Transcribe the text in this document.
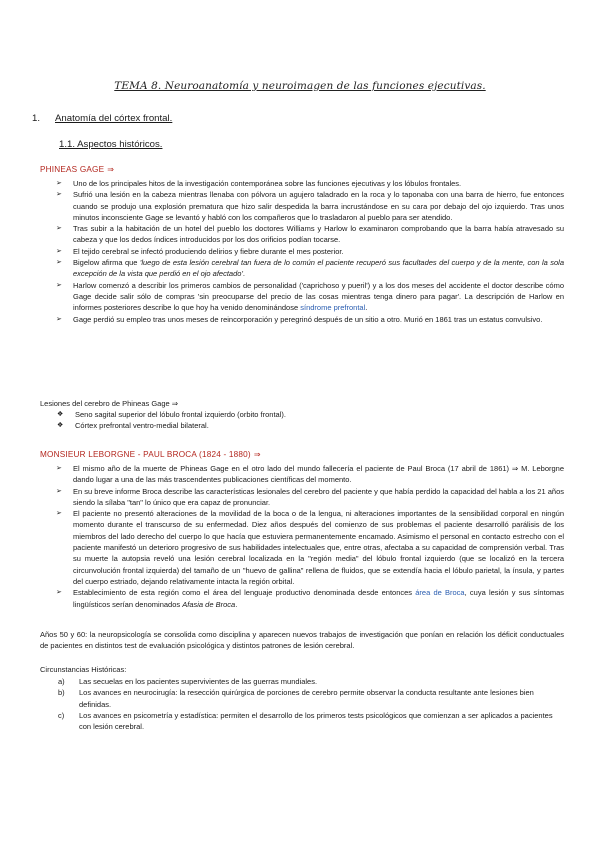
TEMA 8. Neuroanatomía y neuroimagen de las funciones ejecutivas.
1. Anatomía del córtex frontal.
1.1. Aspectos históricos.
PHINEAS GAGE ⇒
➢ Uno de los principales hitos de la investigación contemporánea sobre las funciones ejecutivas y los lóbulos frontales.
➢ Sufrió una lesión en la cabeza mientras llenaba con pólvora un agujero taladrado en la roca y lo taponaba con una barra de hierro, fue entonces cuando se produjo una explosión prematura que hizo salir despedida la barra incrustándose en su cara por debajo del ojo izquierdo. Tras unos minutos inconsciente Gage se levantó y habló con los compañeros que lo trasladaron al pueblo para ser atendido.
➢ Tras subir a la habitación de un hotel del pueblo los doctores Williams y Harlow lo examinaron comprobando que la barra había atravesado su cabeza y que los dedos índices introducidos por los dos orificios podían tocarse.
➢ El tejido cerebral se infectó produciendo delirios y fiebre durante el mes posterior.
➢ Bigelow afirma que 'luego de esta lesión cerebral tan fuera de lo común el paciente recuperó sus facultades del cuerpo y de la mente, con la sola excepción de la vista que perdió en el ojo afectado'.
➢ Harlow comenzó a describir los primeros cambios de personalidad ('caprichoso y pueril') y a los dos meses del accidente el doctor describe cómo Gage decide salir sólo de compras 'sin preocuparse del precio de las cosas mientras tenga dinero para pagar'. La descripción de Harlow en informes posteriores describe lo que hoy ha venido denominándose síndrome prefrontal.
➢ Gage perdió su empleo tras unos meses de reincorporación y peregrinó después de un sitio a otro. Murió en 1861 tras un estatus convulsivo.
Lesiones del cerebro de Phineas Gage ⇒
❖ Seno sagital superior del lóbulo frontal izquierdo (orbito frontal).
❖ Córtex prefrontal ventro-medial bilateral.
MONSIEUR LEBORGNE - PAUL BROCA (1824 - 1880) ⇒
➢ El mismo año de la muerte de Phineas Gage en el otro lado del mundo fallecería el paciente de Paul Broca (17 abril de 1861) ⇒ M. Leborgne dando lugar a una de las más trascendentes publicaciones científicas del momento.
➢ En su breve informe Broca describe las características lesionales del cerebro del paciente y que había perdido la capacidad del habla a los 21 años siendo la sílaba "tan" lo único que era capaz de pronunciar.
➢ El paciente no presentó alteraciones de la movilidad de la boca o de la lengua, ni alteraciones importantes de la sensibilidad corporal en ningún momento durante el transcurso de su enfermedad. Diez años después del comienzo de sus problemas el paciente desarrolló parálisis de los miembros del lado derecho del cuerpo lo que hacía que estuviera permanentemente encamado. Asimismo el personal en contacto estrecho con el paciente manifestó un deterioro progresivo de sus habilidades intelectuales que, entre otras, afectaba a su capacidad de comprensión verbal. Tras su muerte la autopsia reveló una lesión cerebral localizada en la "región media" del lóbulo frontal izquierdo (que se localizó en la tercera circunvolución frontal izquierda) del tamaño de un "huevo de gallina" rellena de fluidos, que se extendía hacia el lóbulo parietal, la ínsula, y partes del cuerpo estriado, dejando relativamente intacta la región orbital.
➢ Establecimiento de esta región como el área del lenguaje productivo denominada desde entonces área de Broca, cuya lesión y sus síntomas lingüísticos serían denominados Afasia de Broca.

Años 50 y 60: la neuropsicología se consolida como disciplina y aparecen nuevos trabajos de investigación que ponían en relación los déficit conductuales de pacientes en distintos test de evaluación psicológica y distintos patrones de lesión cerebral.

Circunstancias Históricas:

a) Las secuelas en los pacientes supervivientes de las guerras mundiales.
b) Los avances en neurocirugía: la resección quirúrgica de porciones de cerebro permite observar la conducta resultante ante lesiones bien definidas.
c) Los avances en psicometría y estadística: permiten el desarrollo de los primeros tests psicológicos que comienzan a ser aplicados a pacientes con lesión cerebral.
